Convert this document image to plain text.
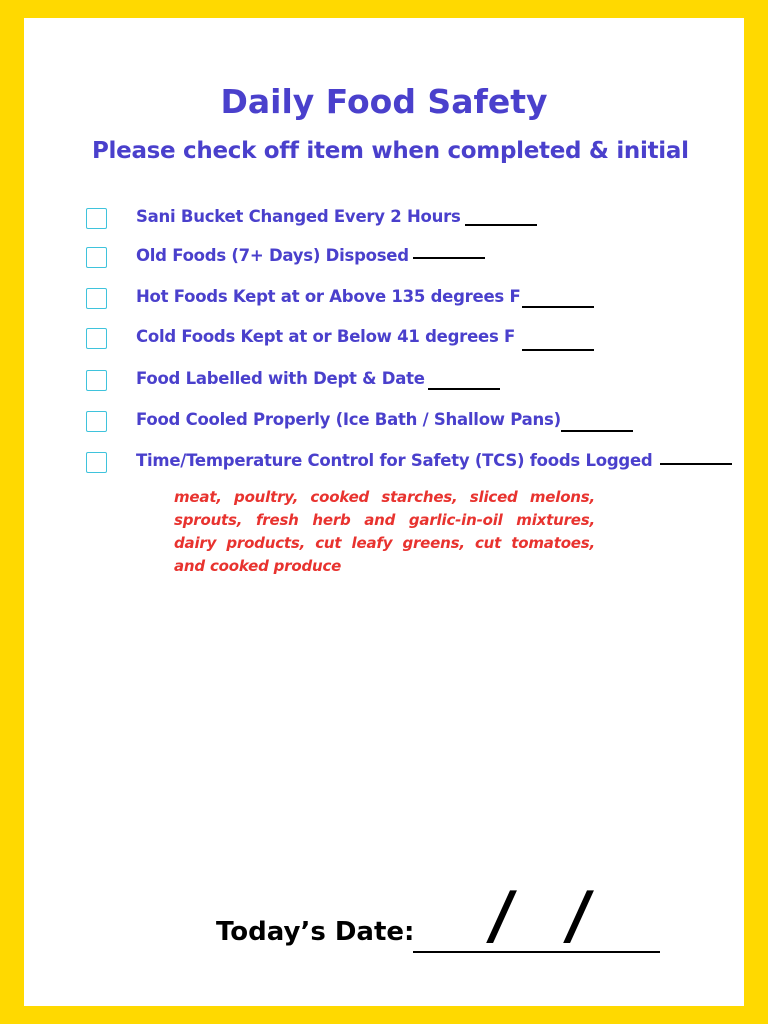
Daily Food Safety
Please check off item when completed & initial
Sani Bucket Changed Every 2 Hours
Old Foods (7+ Days) Disposed
Hot Foods Kept at or Above 135 degrees F
Cold Foods Kept at or Below 41 degrees F
Food Labelled with Dept & Date
Food Cooled Properly (Ice Bath / Shallow Pans)
Time/Temperature Control for Safety (TCS) foods Logged
meat, poultry, cooked starches, sliced melons, sprouts, fresh herb and garlic-in-oil mixtures, dairy products, cut leafy greens, cut tomatoes, and cooked produce
Today’s Date: / /
